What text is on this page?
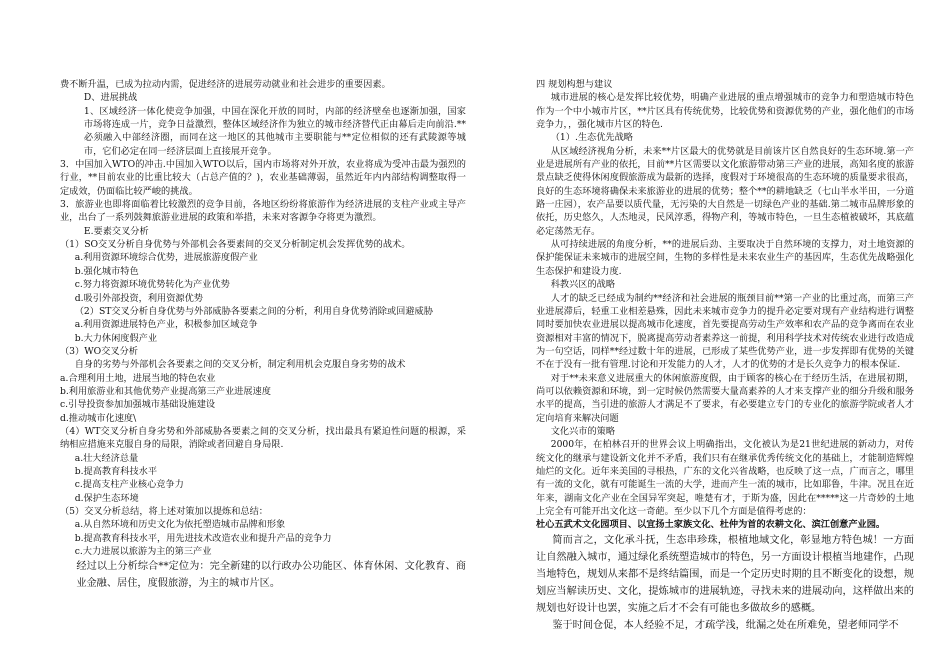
费不断升温，已成为拉动内需，促进经济的进展劳动就业和社会进步的重要因素。

D、进展挑战

1、区域经济一体化使竞争加强，中国在深化开放的同时，内部的经济壁垒也逐渐加强，国家市场将连成一片，竞争日益激烈，整体区域经济作为独立的城市经济替代正由幕后走向前沿.**必须融入中部经济圈，而同在这一地区的其他城市主要职能与**定位相似的还有武陵源等城市，它们必定在同一经济层面上直接展开竞争。

3．中国加入WTO的冲击.中国加入WTO以后，国内市场将对外开放，农业将成为受冲击最为强烈的行业，**目前农业的比重比较大（占总产值的？)，农业基础薄弱，虽然近年内内部结构调整取得一定成效，仍面临比较严峻的挑战。

3．旅游业也即将面临着比较激烈的竞争目前，各地区纷纷将旅游作为经济进展的支柱产业或主导产业，出台了一系列鼓舞旅游业进展的政策和举措，未来对客源争夺将更为激烈。

E.要素交叉分析

（1）SO交叉分析自身优势与外部机会各要素间的交叉分析制定机会发挥优势的战术。

a.利用资源环境综合优势，进展旅游度假产业

b.强化城市特色

c.努力将资源环境优势转化为产业优势

d.吸引外部投资，利用资源优势

（2）ST交叉分析自身优势与外部威胁各要素之间的分析，利用自身优势消除或回避威胁

a.利用资源进展特色产业，积极参加区域竞争

b.大力休闲度假产业

（3）WO交叉分析

自身的劣势与外部机会各要素之间的交叉分析，制定利用机会克服自身劣势的战术

a.合理利用土地，进展当地的特色农业

b.利用旅游业和其他优势产业提高第三产业进展速度

c.引导投资参加加强城市基础设施建设

d.推动城市化速度\

（4）WT交叉分析自身劣势和外部威胁各要素之间的交叉分析，找出最具有紧迫性问题的根源，采纳相应措施来克服自身的局限，消除或者回避自身局限.

a.壮大经济总量

b.提高教育科技水平

c.提高支柱产业核心竞争力

d.保护生态环境

（5）交叉分析总结，将上述对策加以提炼和总结：

a.从自然环境和历史文化为依托塑造城市品牌和形象

b.提高教育科技水平，用先进技术改造农业和提升产品的竞争力

c.大力进展以旅游为主的第三产业

经过以上分析综合**定位为：完全新建的以行政办公功能区、体育休闲、文化教育、商业金融、居住，度假旅游，为主的城市片区。

四 规划构想与建议

城市进展的核心是发挥比较优势，明确产业进展的重点增强城市的竞争力和塑造城市特色作为一个中小城市片区，**片区具有传统优势，比较优势和资源优势的产业，强化他们的市场竞争力，，强化城市片区的特色.

（1）.生态优先战略

从区域经济视角分析，未来**片区最大的优势就是目前该片区自然良好的生态环境.第一产业是进展所有产业的依托，目前**片区需要以文化旅游带动第三产业的进展，高知名度的旅游景点缺乏使得休闲度假旅游成为最新的选择，度假对于环境很高的生态环境的质量要求很高，良好的生态环境将确保未来旅游业的进展的优势；整个**的耕地缺乏（七山半水半田，一分道路一庄园），农产品要以质代量，无污染的大自然是一切绿色产业的基础.第二城市品牌形象的依托，历史悠久，人杰地灵，民风淳悉，得物产利，等城市特色，一旦生态植被破坏，其底蕴必定荡然无存。

从可持续进展的角度分析，**的进展后劲、主要取决于自然环境的支撑力，对土地资源的保护能保证未来城市的进展空间，生物的多样性是未来农业生产的基因库，生态优先战略强化生态保护和建设力度.

科教兴区的战略

人才的缺乏已经成为制约**经济和社会进展的瓶颈目前**第一产业的比重过高，而第三产业进展滞后，轻重工业相差悬殊，因此未来城市竞争力的提升必定要对现有产业结构进行调整同时要加快农业进展以提高城市化速度，首先要提高劳动生产效率和农产品的竞争离而在农业资源相对丰富的情况下，脱离提高劳动者素养这一前提，利用科学技术对传统农业进行改造成为一句空话，同样**经过数十年的进展，已形成了某些优势产业，进一步发挥即有优势的关键不在于没有一批有管理.讨论和开发能力的人才，人才的优势的才是长久竞争力的根本保证.

对于**未来意义进展重大的休闲旅游度假，由于顾客的核心在于经历生活，在进展初期，尚可以依赖资源和环境，到一定时候仍然需要大量高素养的人才来支撑产业的细分升级和服务水平的提高，当引进的旅游人才满足不了要求，有必要建立专门的专业化的旅游学院或者人才定向培育来解决问题

文化兴市的策略

2000年，在柏林召开的世界会议上明确指出，文化被认为是21世纪进展的新动力，对传统文化的继承与建设新文化并不矛盾，我们只有在继承优秀传统文化的基础上，才能制造辉煌灿烂的文化。近年来美国的寻根热，广东的文化兴省战略，也反映了这一点，广而言之，哪里有一流的文化，就有可能诞生一流的大学，进而产生一流的城市，比如耶鲁，牛津。况且在近年来，湖南文化产业在全国异军突起，唯楚有才，于斯为盛，因此在*****这一片奇妙的土地上完全有可能开出文化这一奇葩。至少以下几个方面是值得考虑的：

杜心五武术文化园项目、以宜扬土家族文化、杜仲为首的农耕文化、滨江创意产业园。

简而言之，文化承斗抚，生态串珍珠，根植地域文化，彰显地方特色城！一方面让自然融入城市，通过绿化系统塑造城市的特色，另一方面设计根植当地建作，凸现当地特色，规划从来都不是终结篇围，而是一个定历史时期的且不断变化的设想，规划应当解读历史、文化，提炼城市的进展轨迹，寻找未来的进展动向，这样做出来的规划也好设计也罢，实施之后才不会有可能也多做故乡的感概。

鉴于时间仓促，本人经验不足，才疏学浅，纰漏之处在所难免，望老师同学不
